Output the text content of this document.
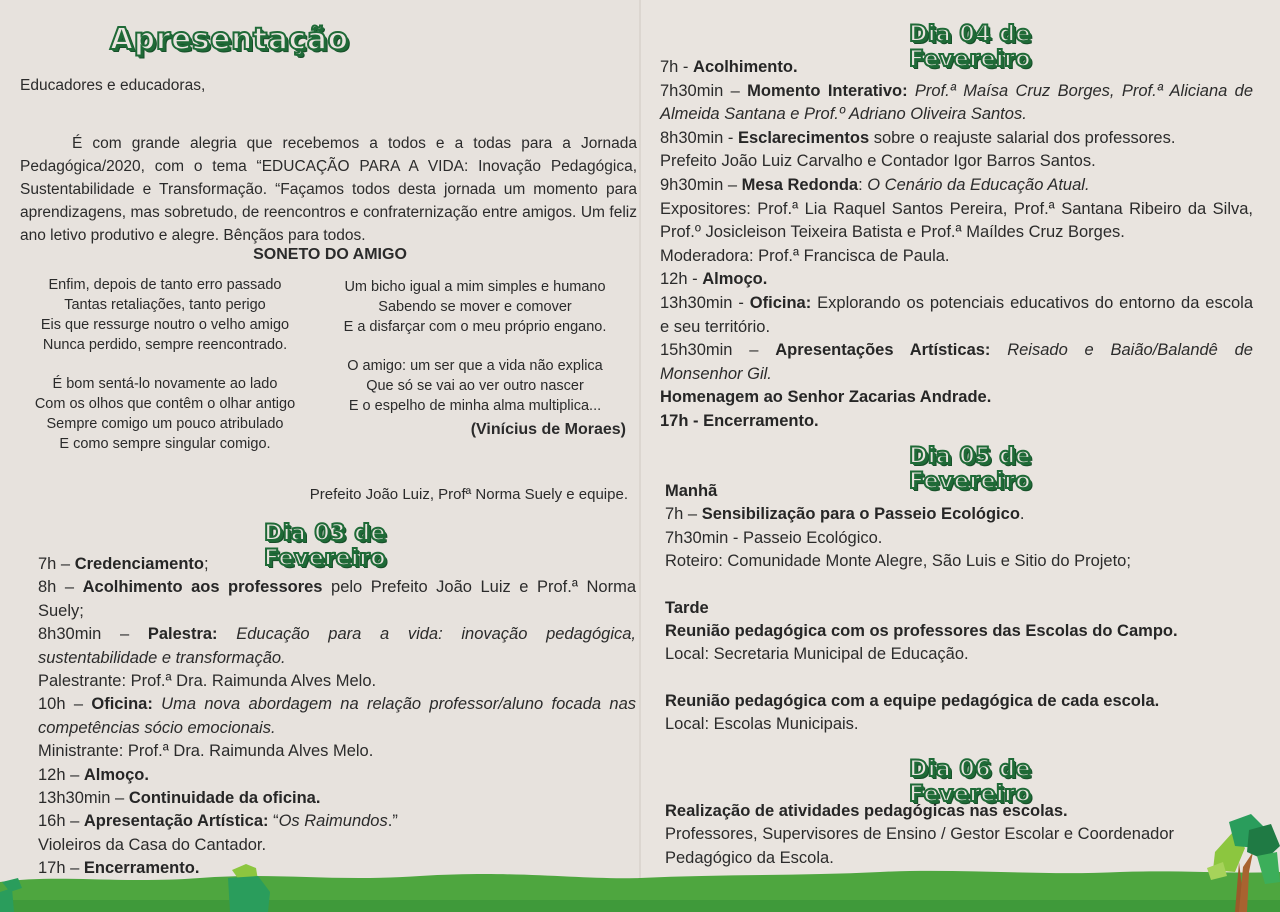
Apresentação
Educadores e educadoras,
É com grande alegria que recebemos a todos e a todas para a Jornada Pedagógica/2020, com o tema “EDUCAÇÃO PARA A VIDA: Inovação Pedagógica, Sustentabilidade e Transformação. “Façamos todos desta jornada um momento para aprendizagens, mas sobretudo, de reencontros e confraternização entre amigos. Um feliz ano letivo produtivo e alegre. Bênçãos para todos.
SONETO DO AMIGO
Enfim, depois de tanto erro passado
Tantas retaliações, tanto perigo
Eis que ressurge noutro o velho amigo
Nunca perdido, sempre reencontrado.
É bom sentá-lo novamente ao lado
Com os olhos que contêm o olhar antigo
Sempre comigo um pouco atribulado
E como sempre singular comigo.
Um bicho igual a mim simples e humano
Sabendo se mover e comover
E a disfarçar com o meu próprio engano.
O amigo: um ser que a vida não explica
Que só se vai ao ver outro nascer
E o espelho de minha alma multiplica...
(Vinícius de Moraes)
Prefeito João Luiz, Profª Norma Suely e equipe.
Dia 03 de Fevereiro
7h – Credenciamento;
8h – Acolhimento aos professores pelo Prefeito João Luiz e Prof.ª Norma Suely;
8h30min – Palestra: Educação para a vida: inovação pedagógica, sustentabilidade e transformação.
Palestrante: Prof.ª Dra. Raimunda Alves Melo.
10h – Oficina: Uma nova abordagem na relação professor/aluno focada nas competências sócio emocionais.
Ministrante: Prof.ª Dra. Raimunda Alves Melo.
12h – Almoço.
13h30min – Continuidade da oficina.
16h – Apresentação Artística: “Os Raimundos.”
Violeiros da Casa do Cantador.
17h – Encerramento.
Dia 04 de Fevereiro
7h - Acolhimento.
7h30min – Momento Interativo: Prof.ª Maísa Cruz Borges, Prof.ª Aliciana de Almeida Santana e Prof.º Adriano Oliveira Santos.
8h30min - Esclarecimentos sobre o reajuste salarial dos professores.
Prefeito João Luiz Carvalho e Contador Igor Barros Santos.
9h30min – Mesa Redonda: O Cenário da Educação Atual.
Expositores: Prof.ª Lia Raquel Santos Pereira, Prof.ª Santana Ribeiro da Silva, Prof.º Josicleison Teixeira Batista e Prof.ª Maíldes Cruz Borges.
Moderadora: Prof.ª Francisca de Paula.
12h - Almoço.
13h30min - Oficina: Explorando os potenciais educativos do entorno da escola e seu território.
15h30min – Apresentações Artísticas: Reisado e Baião/Balandê de Monsenhor Gil.
Homenagem ao Senhor Zacarias Andrade.
17h - Encerramento.
Dia 05 de Fevereiro
Manhã
7h – Sensibilização para o Passeio Ecológico.
7h30min - Passeio Ecológico.
Roteiro: Comunidade Monte Alegre, São Luis e Sitio do Projeto;
Tarde
Reunião pedagógica com os professores das Escolas do Campo.
Local: Secretaria Municipal de Educação.
Reunião pedagógica com a equipe pedagógica de cada escola.
Local: Escolas Municipais.
Dia 06 de Fevereiro
Realização de atividades pedagógicas nas escolas.
Professores, Supervisores de Ensino / Gestor Escolar e Coordenador Pedagógico da Escola.
